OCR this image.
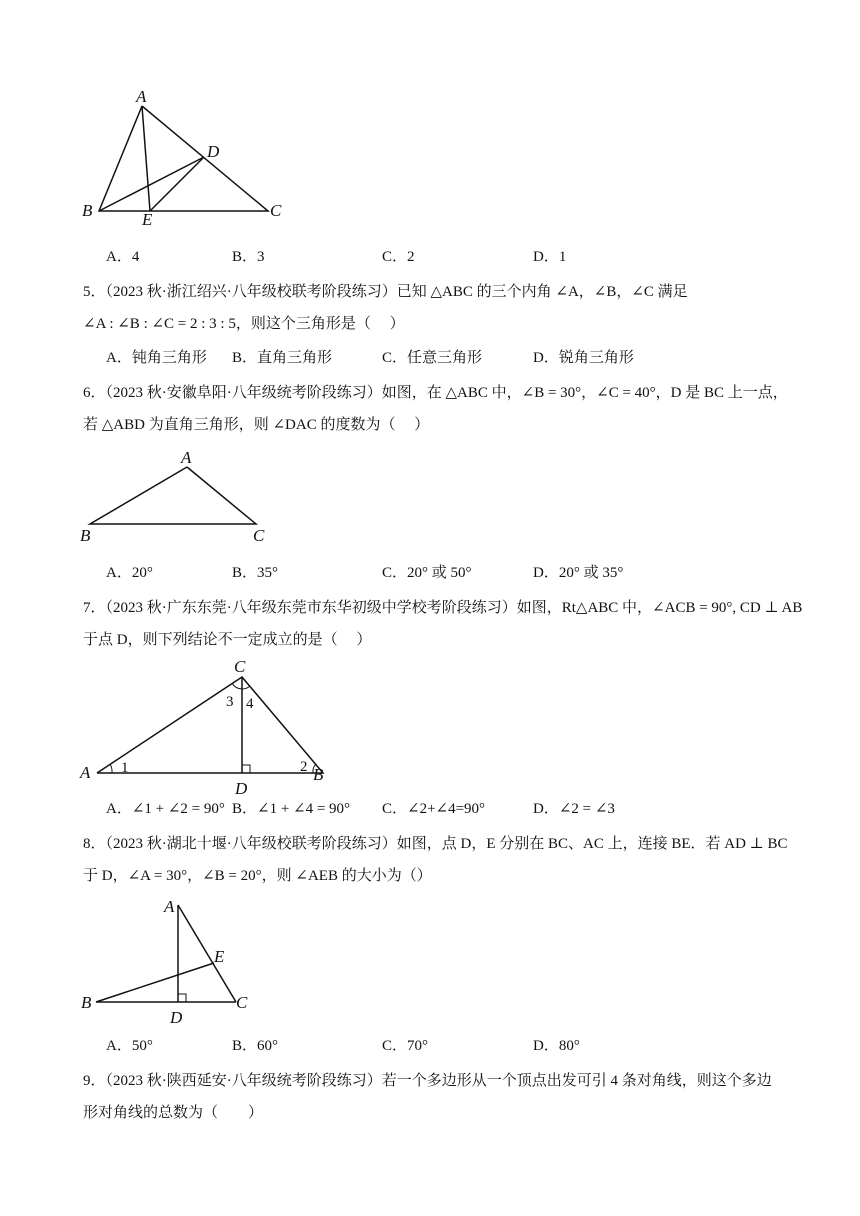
A
B	C
D
E
A．4	B．3	C．2	D．1
5．（2023 秋·浙江绍兴·八年级校联考阶段练习）已知 △ABC 的三个内角 ∠A，∠B，∠C 满足
∠A : ∠B : ∠C = 2 : 3 : 5，则这个三角形是（　 ）
A．钝角三角形 B．直角三角形	C．任意三角形	D．锐角三角形
6．（2023 秋·安徽阜阳·八年级统考阶段练习）如图，在 △ABC 中，∠B = 30°，∠C = 40°，D 是 BC 上一点，
若 △ABD 为直角三角形，则 ∠DAC 的度数为（　 ）
A
B	C
A．20°	B．35°	C．20° 或 50°	D．20° 或 35°
7．（2023 秋·广东东莞·八年级东莞市东华初级中学校考阶段练习）如图，Rt△ABC 中，∠ACB = 90°, CD ⊥ AB
于点 D，则下列结论不一定成立的是（　 ）
C
A	B
D
1	2
3 4
A．∠1 + ∠2 = 90° B．∠1 + ∠4 = 90° C．∠2+∠4=90°	D．∠2 = ∠3
8．（2023 秋·湖北十堰·八年级校联考阶段练习）如图，点 D，E 分别在 BC、AC 上，连接 BE．若 AD ⊥ BC
于 D，∠A = 30°，∠B = 20°，则 ∠AEB 的大小为（）
A
E
B	C
D
A．50°	B．60°	C．70°	D．80°
9．（2023 秋·陕西延安·八年级统考阶段练习）若一个多边形从一个顶点出发可引 4 条对角线，则这个多边
形对角线的总数为（　　）
